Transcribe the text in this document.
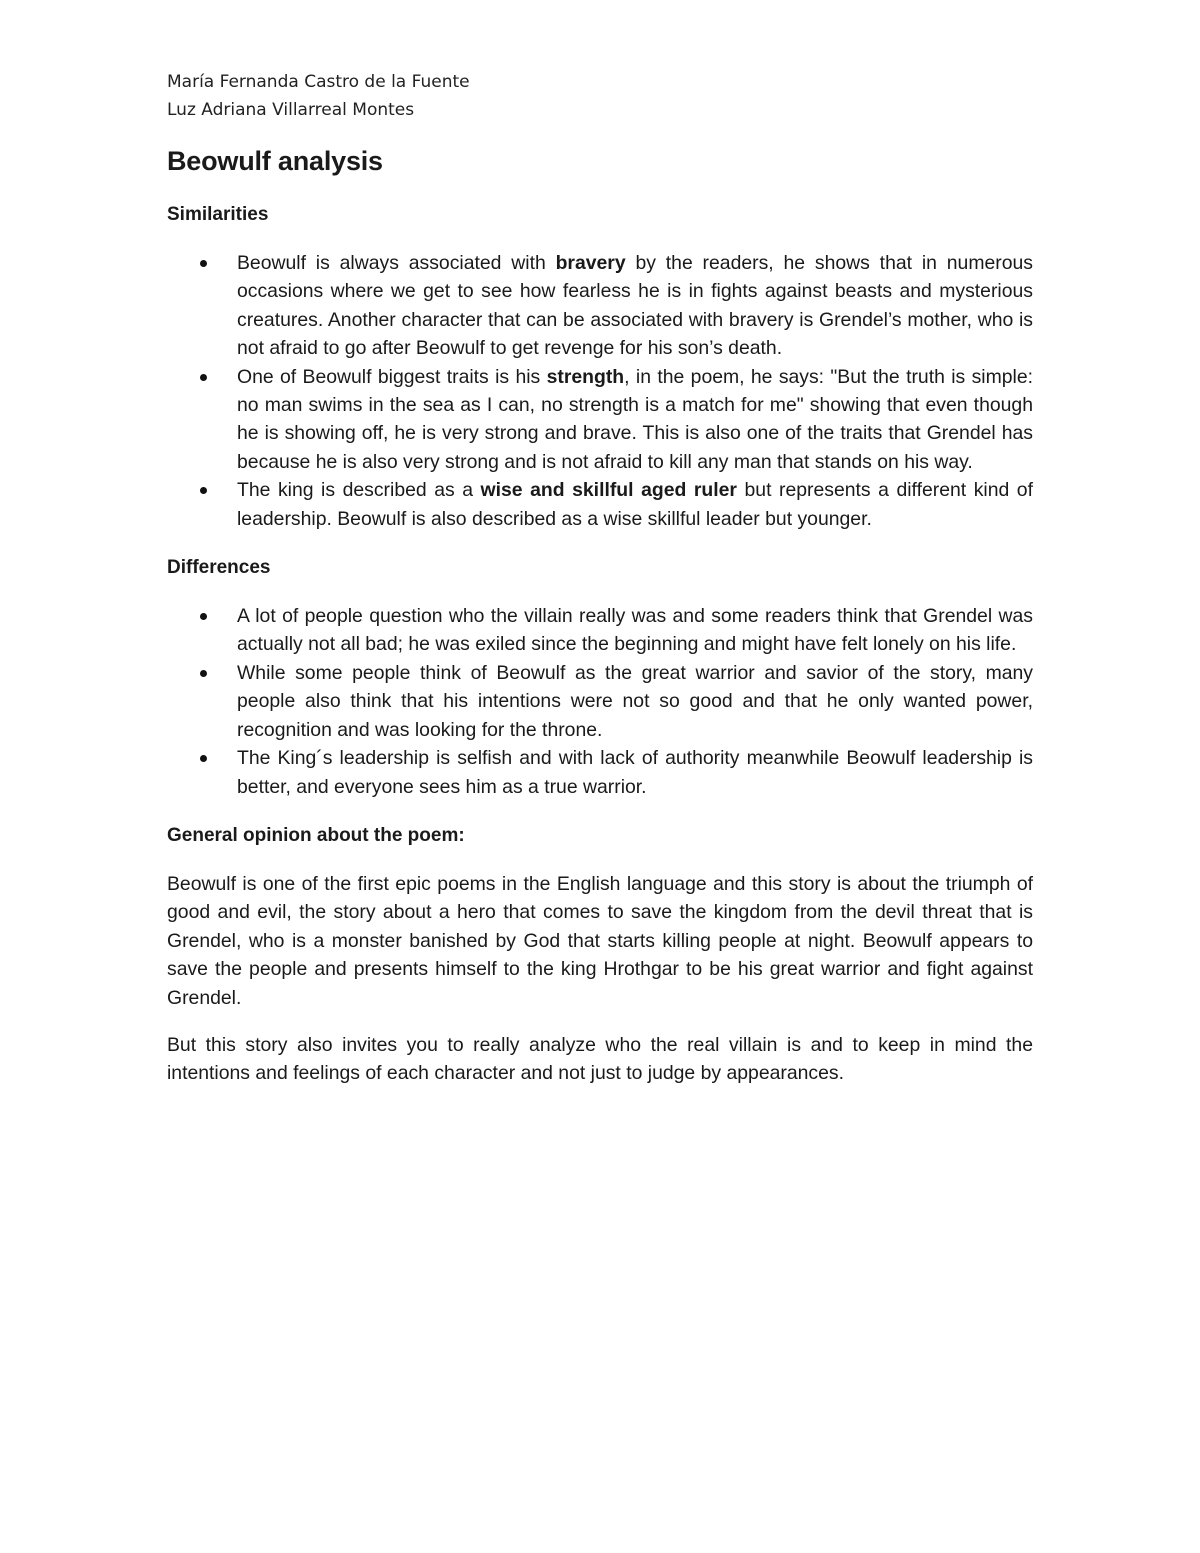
María Fernanda Castro de la Fuente
Luz Adriana Villarreal Montes
Beowulf analysis
Similarities
Beowulf is always associated with bravery by the readers, he shows that in numerous occasions where we get to see how fearless he is in fights against beasts and mysterious creatures. Another character that can be associated with bravery is Grendel’s mother, who is not afraid to go after Beowulf to get revenge for his son’s death.
One of Beowulf biggest traits is his strength, in the poem, he says: "But the truth is simple: no man swims in the sea as I can, no strength is a match for me" showing that even though he is showing off, he is very strong and brave. This is also one of the traits that Grendel has because he is also very strong and is not afraid to kill any man that stands on his way.
The king is described as a wise and skillful aged ruler but represents a different kind of leadership. Beowulf is also described as a wise skillful leader but younger.
Differences
A lot of people question who the villain really was and some readers think that Grendel was actually not all bad; he was exiled since the beginning and might have felt lonely on his life.
While some people think of Beowulf as the great warrior and savior of the story, many people also think that his intentions were not so good and that he only wanted power, recognition and was looking for the throne.
The King´s leadership is selfish and with lack of authority meanwhile Beowulf leadership is better, and everyone sees him as a true warrior.
General opinion about the poem:

Beowulf is one of the first epic poems in the English language and this story is about the triumph of good and evil, the story about a hero that comes to save the kingdom from the devil threat that is Grendel, who is a monster banished by God that starts killing people at night. Beowulf appears to save the people and presents himself to the king Hrothgar to be his great warrior and fight against Grendel.

But this story also invites you to really analyze who the real villain is and to keep in mind the intentions and feelings of each character and not just to judge by appearances.
